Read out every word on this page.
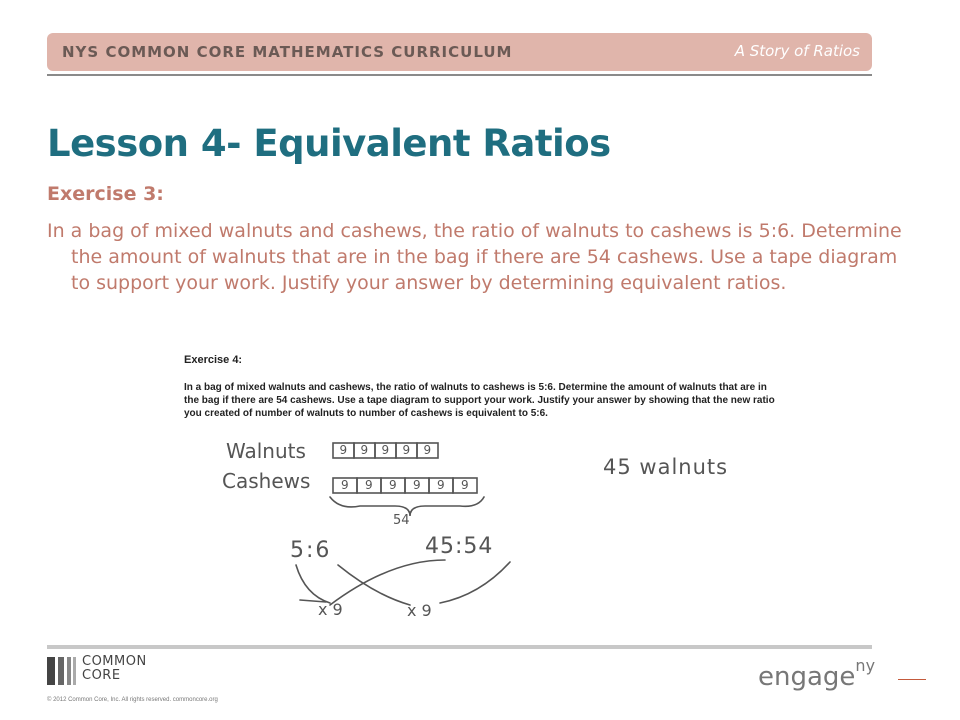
NYS COMMON CORE MATHEMATICS CURRICULUM	A Story of Ratios
Lesson 4- Equivalent Ratios
Exercise 3:

In a bag of mixed walnuts and cashews, the ratio of walnuts to cashews is 5:6. Determine the amount of walnuts that are in the bag if there are 54 cashews. Use a tape diagram to support your work. Justify your answer by determining equivalent ratios.

Exercise 4:
In a bag of mixed walnuts and cashews, the ratio of walnuts to cashews is 5:6. Determine the amount of walnuts that are in the bag if there are 54 cashews. Use a tape diagram to support your work. Justify your answer by showing that the new ratio you created of number of walnuts to number of cashews is equivalent to 5:6.
Walnuts
Cashews
9 9 9 9 9
9 9 9 9 9 9
54
45 walnuts
5:6	45:54
x 9	x 9
COMMON
CORE
© 2012 Common Core, Inc. All rights reserved. commoncore.org
engage$^{ny}$
